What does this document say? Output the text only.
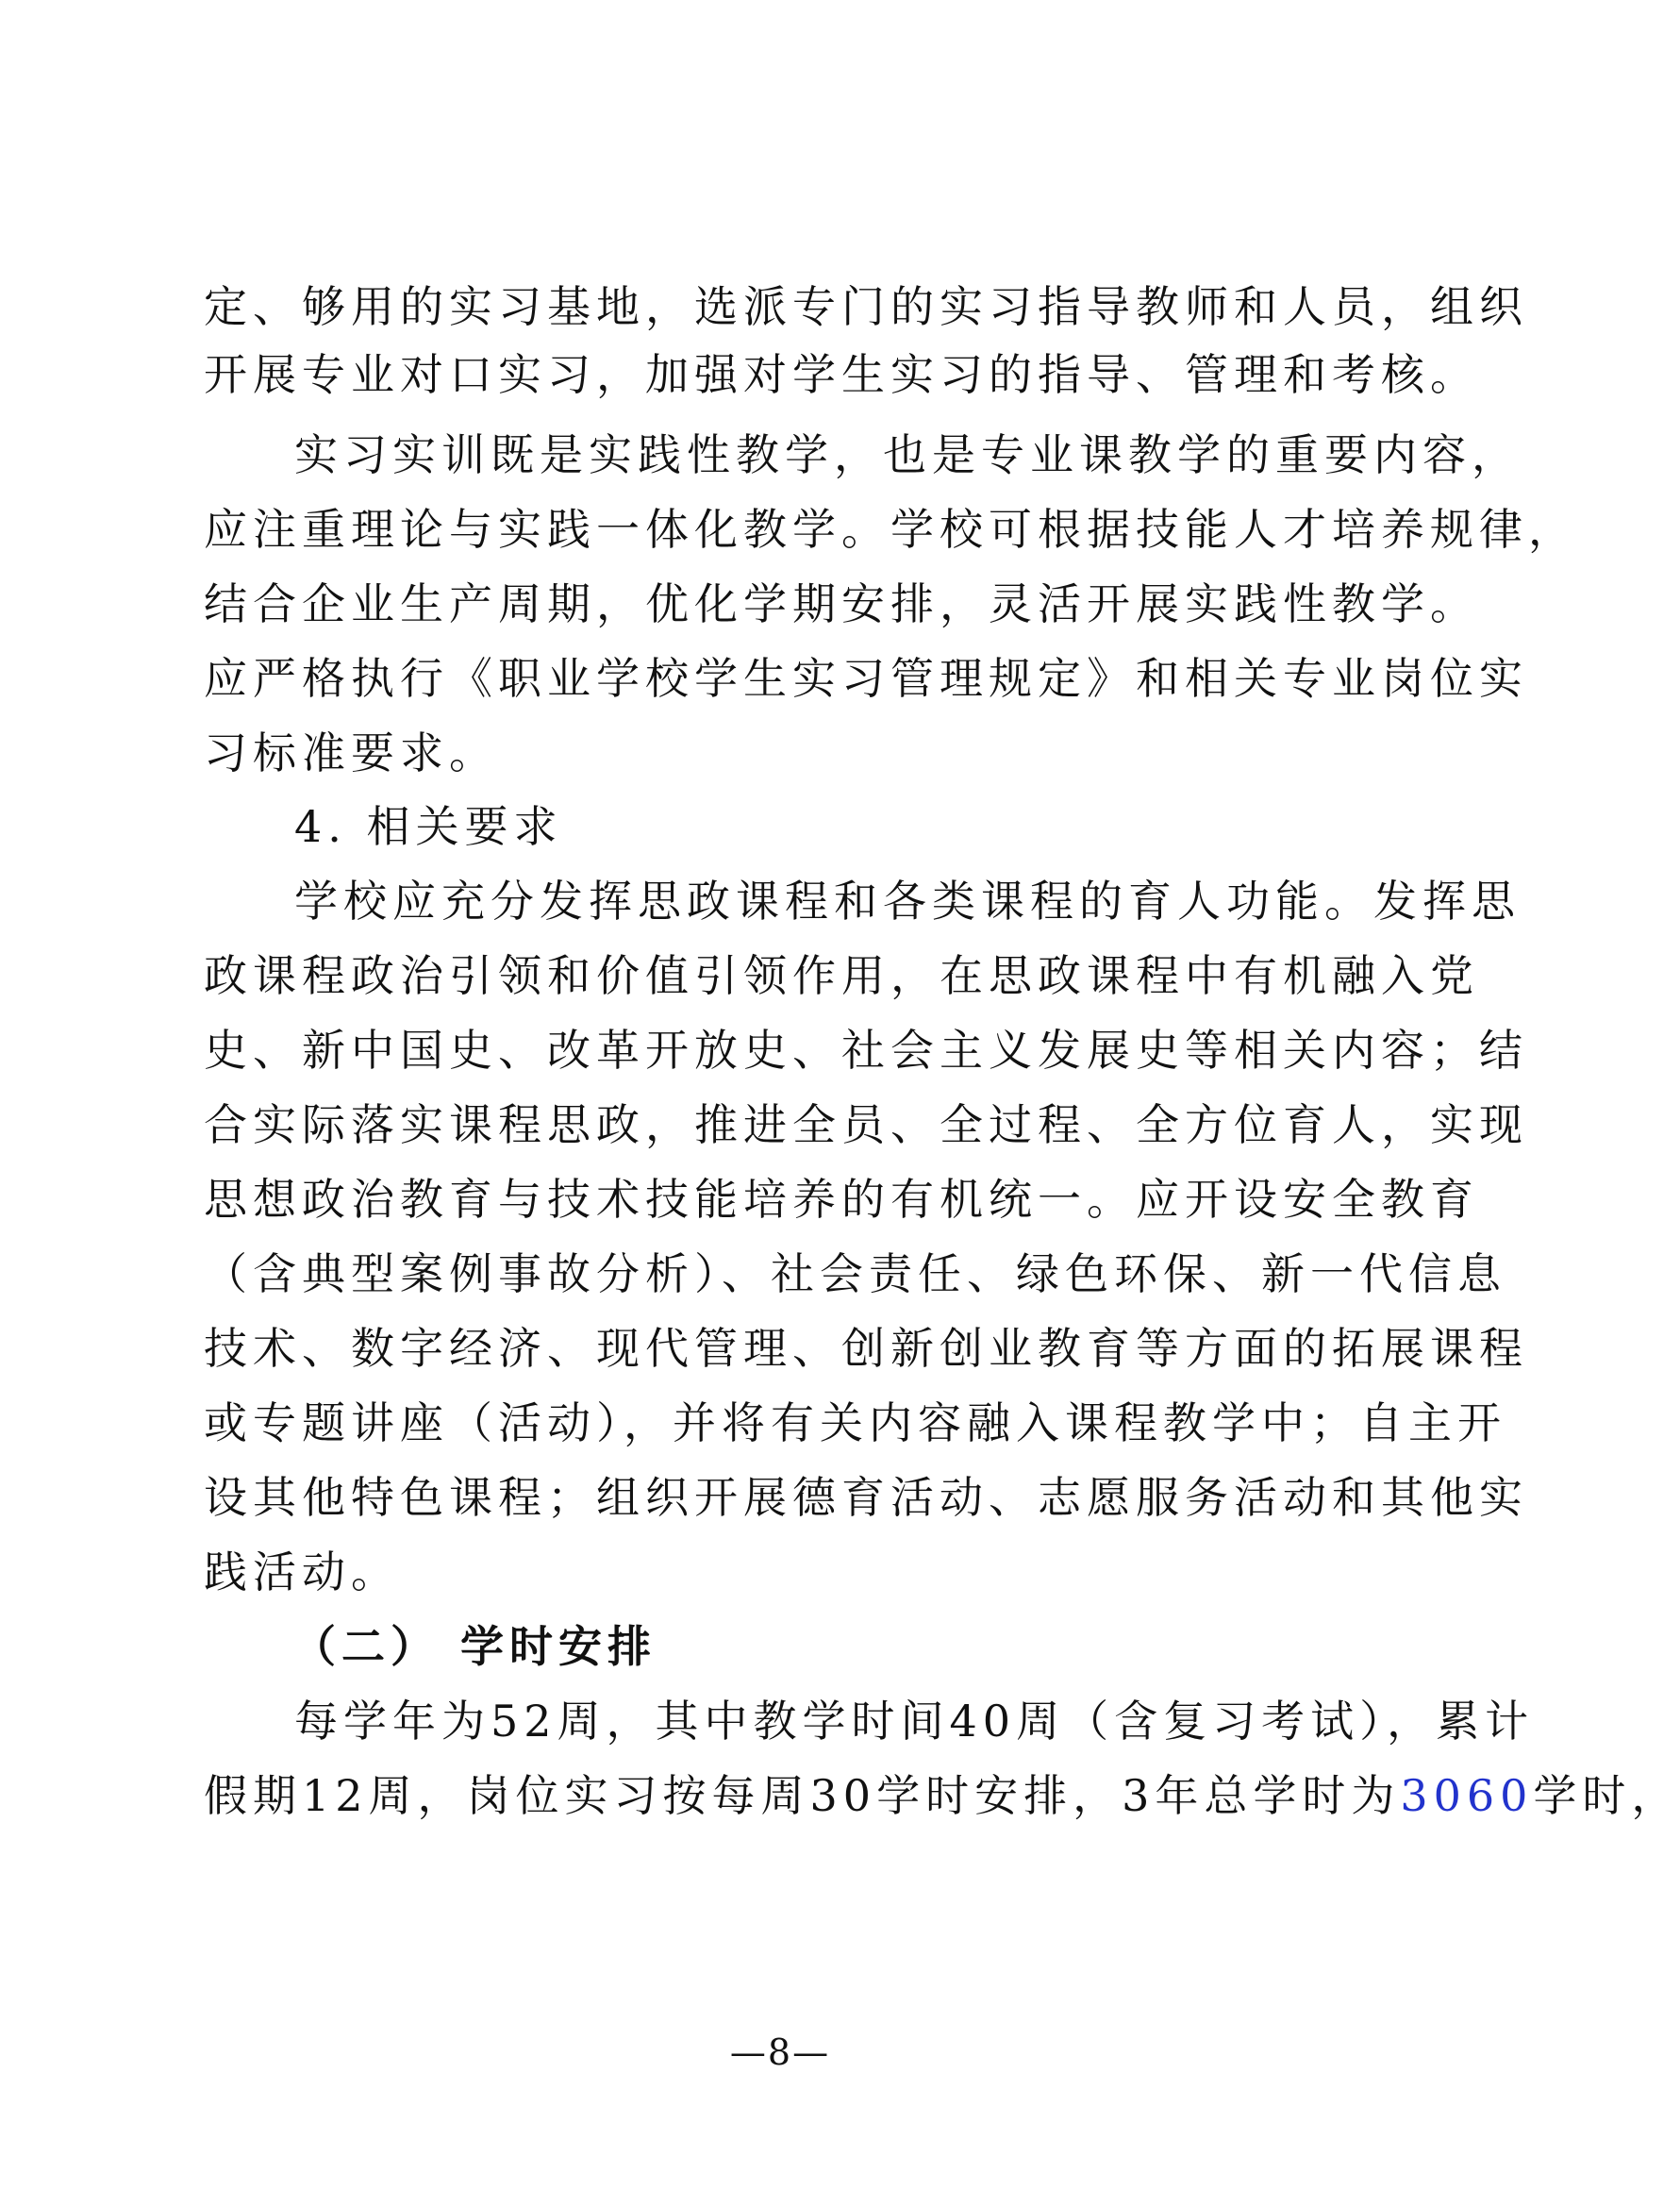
定、够用的实习基地，选派专门的实习指导教师和人员，组织
开展专业对口实习，加强对学生实习的指导、管理和考核。
实习实训既是实践性教学，也是专业课教学的重要内容，
应注重理论与实践一体化教学。学校可根据技能人才培养规律，
结合企业生产周期，优化学期安排，灵活开展实践性教学。
应严格执行《职业学校学生实习管理规定》和相关专业岗位实
习标准要求。
4. 相关要求
学校应充分发挥思政课程和各类课程的育人功能。发挥思
政课程政治引领和价值引领作用，在思政课程中有机融入党
史、新中国史、改革开放史、社会主义发展史等相关内容；结
合实际落实课程思政，推进全员、全过程、全方位育人，实现
思想政治教育与技术技能培养的有机统一。应开设安全教育
（含典型案例事故分析）、社会责任、绿色环保、新一代信息
技术、数字经济、现代管理、创新创业教育等方面的拓展课程
或专题讲座（活动），并将有关内容融入课程教学中；自主开
设其他特色课程；组织开展德育活动、志愿服务活动和其他实
践活动。
（二） 学时安排
每学年为52周，其中教学时间40周（含复习考试），累计
假期12周，岗位实习按每周30学时安排，3年总学时为3060学时，
—8—
